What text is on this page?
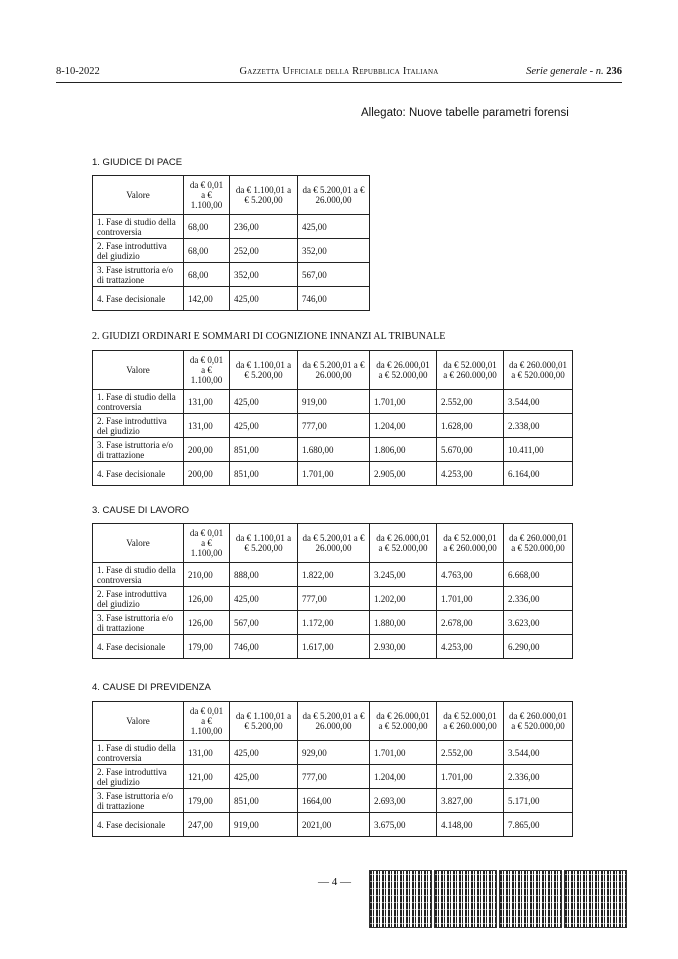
8-10-2022	Gazzetta Ufficiale della Repubblica Italiana	Serie generale - n. 236
Allegato: Nuove tabelle parametri forensi
1. GIUDICE DI PACE
Valore	da € 0,01 a € 1.100,00	da € 1.100,01 a € 5.200,00	da € 5.200,01 a € 26.000,00
1. Fase di studio della controversia	68,00	236,00	425,00
2. Fase introduttiva del giudizio	68,00	252,00	352,00
3. Fase istruttoria e/o di trattazione	68,00	352,00	567,00
4. Fase decisionale	142,00	425,00	746,00
2. GIUDIZI ORDINARI E SOMMARI DI COGNIZIONE INNANZI AL TRIBUNALE
Valore	da € 0,01 a € 1.100,00	da € 1.100,01 a € 5.200,00	da € 5.200,01 a € 26.000,00	da € 26.000,01 a € 52.000,00	da € 52.000,01 a € 260.000,00	da € 260.000,01 a € 520.000,00
1. Fase di studio della controversia	131,00	425,00	919,00	1.701,00	2.552,00	3.544,00
2. Fase introduttiva del giudizio	131,00	425,00	777,00	1.204,00	1.628,00	2.338,00
3. Fase istruttoria e/o di trattazione	200,00	851,00	1.680,00	1.806,00	5.670,00	10.411,00
4. Fase decisionale	200,00	851,00	1.701,00	2.905,00	4.253,00	6.164,00
3. CAUSE DI LAVORO
Valore	da € 0,01 a € 1.100,00	da € 1.100,01 a € 5.200,00	da € 5.200,01 a € 26.000,00	da € 26.000,01 a € 52.000,00	da € 52.000,01 a € 260.000,00	da € 260.000,01 a € 520.000,00
1. Fase di studio della controversia	210,00	888,00	1.822,00	3.245,00	4.763,00	6.668,00
2. Fase introduttiva del giudizio	126,00	425,00	777,00	1.202,00	1.701,00	2.336,00
3. Fase istruttoria e/o di trattazione	126,00	567,00	1.172,00	1.880,00	2.678,00	3.623,00
4. Fase decisionale	179,00	746,00	1.617,00	2.930,00	4.253,00	6.290,00
4. CAUSE DI PREVIDENZA
Valore	da € 0,01 a € 1.100,00	da € 1.100,01 a € 5.200,00	da € 5.200,01 a € 26.000,00	da € 26.000,01 a € 52.000,00	da € 52.000,01 a € 260.000,00	da € 260.000,01 a € 520.000,00
1. Fase di studio della controversia	131,00	425,00	929,00	1.701,00	2.552,00	3.544,00
2. Fase introduttiva del giudizio	121,00	425,00	777,00	1.204,00	1.701,00	2.336,00
3. Fase istruttoria e/o di trattazione	179,00	851,00	1664,00	2.693,00	3.827,00	5.171,00
4. Fase decisionale	247,00	919,00	2021,00	3.675,00	4.148,00	7.865,00
— 4 —
